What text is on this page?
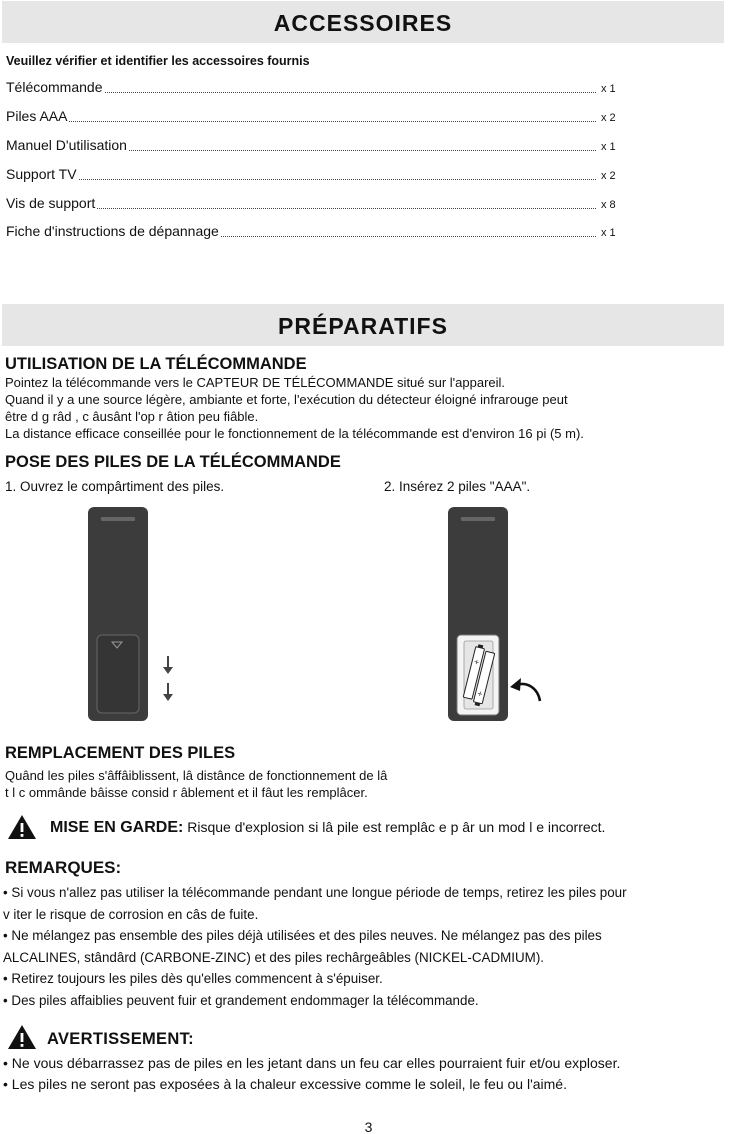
ACCESSOIRES
Veuillez vérifier et identifier les accessoires fournis
Télécommande	x 1
Piles AAA	x 2
Manuel D'utilisation	x 1
Support TV	x 2
Vis de support	x 8
Fiche d'instructions de dépannage	x 1
PRÉPARATIFS
UTILISATION DE LA TÉLÉCOMMANDE
Pointez la télécommande vers le CAPTEUR DE TÉLÉCOMMANDE situé sur l'appareil.
Quand il y a une source légère, ambiante et forte, l'exécution du détecteur éloigné infrarouge peut
être d g râd , c âusânt l'op r âtion peu fiâble.
La distance efficace conseillée pour le fonctionnement de la télécommande est d'environ 16 pi (5 m).
POSE DES PILES DE LA TÉLÉCOMMANDE
1. Ouvrez le compârtiment des piles.	2. Insérez 2 piles "AAA".
+
+
REMPLACEMENT DES PILES
Quând les piles s'âffâiblissent, lâ distânce de fonctionnement de lâ
t l c ommânde bâisse consid r âblement et il fâut les remplâcer.
MISE EN GARDE: Risque d'explosion si lâ pile est remplâc e p âr un mod l e incorrect.
REMARQUES:

• Si vous n'allez pas utiliser la télécommande pendant une longue période de temps, retirez les piles pour

v iter le risque de corrosion en câs de fuite.

• Ne mélangez pas ensemble des piles déjà utilisées et des piles neuves. Ne mélangez pas des piles

ALCALINES, stândârd (CARBONE-ZINC) et des piles rechârgeâbles (NICKEL-CADMIUM).

• Retirez toujours les piles dès qu'elles commencent à s'épuiser.

• Des piles affaiblies peuvent fuir et grandement endommager la télécommande.

AVERTISSEMENT:

• Ne vous débarrassez pas de piles en les jetant dans un feu car elles pourraient fuir et/ou exploser.

• Les piles ne seront pas exposées à la chaleur excessive comme le soleil, le feu ou l'aimé.

3
